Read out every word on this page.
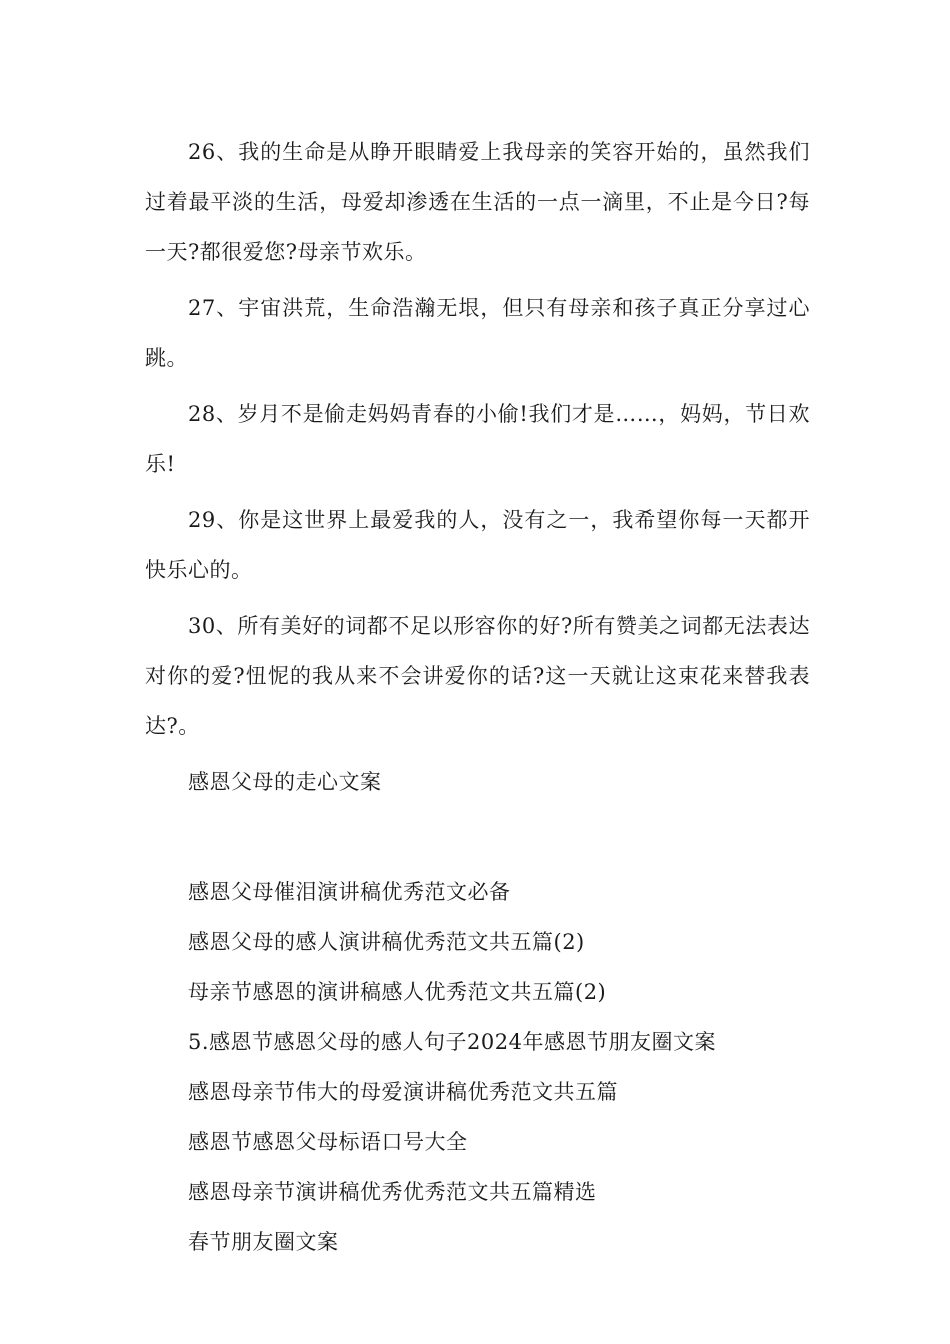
26、我的生命是从睁开眼睛爱上我母亲的笑容开始的，虽然我们过着最平淡的生活，母爱却渗透在生活的一点一滴里，不止是今日?每一天?都很爱您?母亲节欢乐。

27、宇宙洪荒，生命浩瀚无垠，但只有母亲和孩子真正分享过心跳。

28、岁月不是偷走妈妈青春的小偷!我们才是……，妈妈，节日欢乐!

29、你是这世界上最爱我的人，没有之一，我希望你每一天都开快乐心的。

30、所有美好的词都不足以形容你的好?所有赞美之词都无法表达对你的爱?忸怩的我从来不会讲爱你的话?这一天就让这束花来替我表达?。

感恩父母的走心文案

感恩父母催泪演讲稿优秀范文必备
感恩父母的感人演讲稿优秀范文共五篇(2)
母亲节感恩的演讲稿感人优秀范文共五篇(2)
5.感恩节感恩父母的感人句子2024年感恩节朋友圈文案
感恩母亲节伟大的母爱演讲稿优秀范文共五篇
感恩节感恩父母标语口号大全
感恩母亲节演讲稿优秀优秀范文共五篇精选
春节朋友圈文案
